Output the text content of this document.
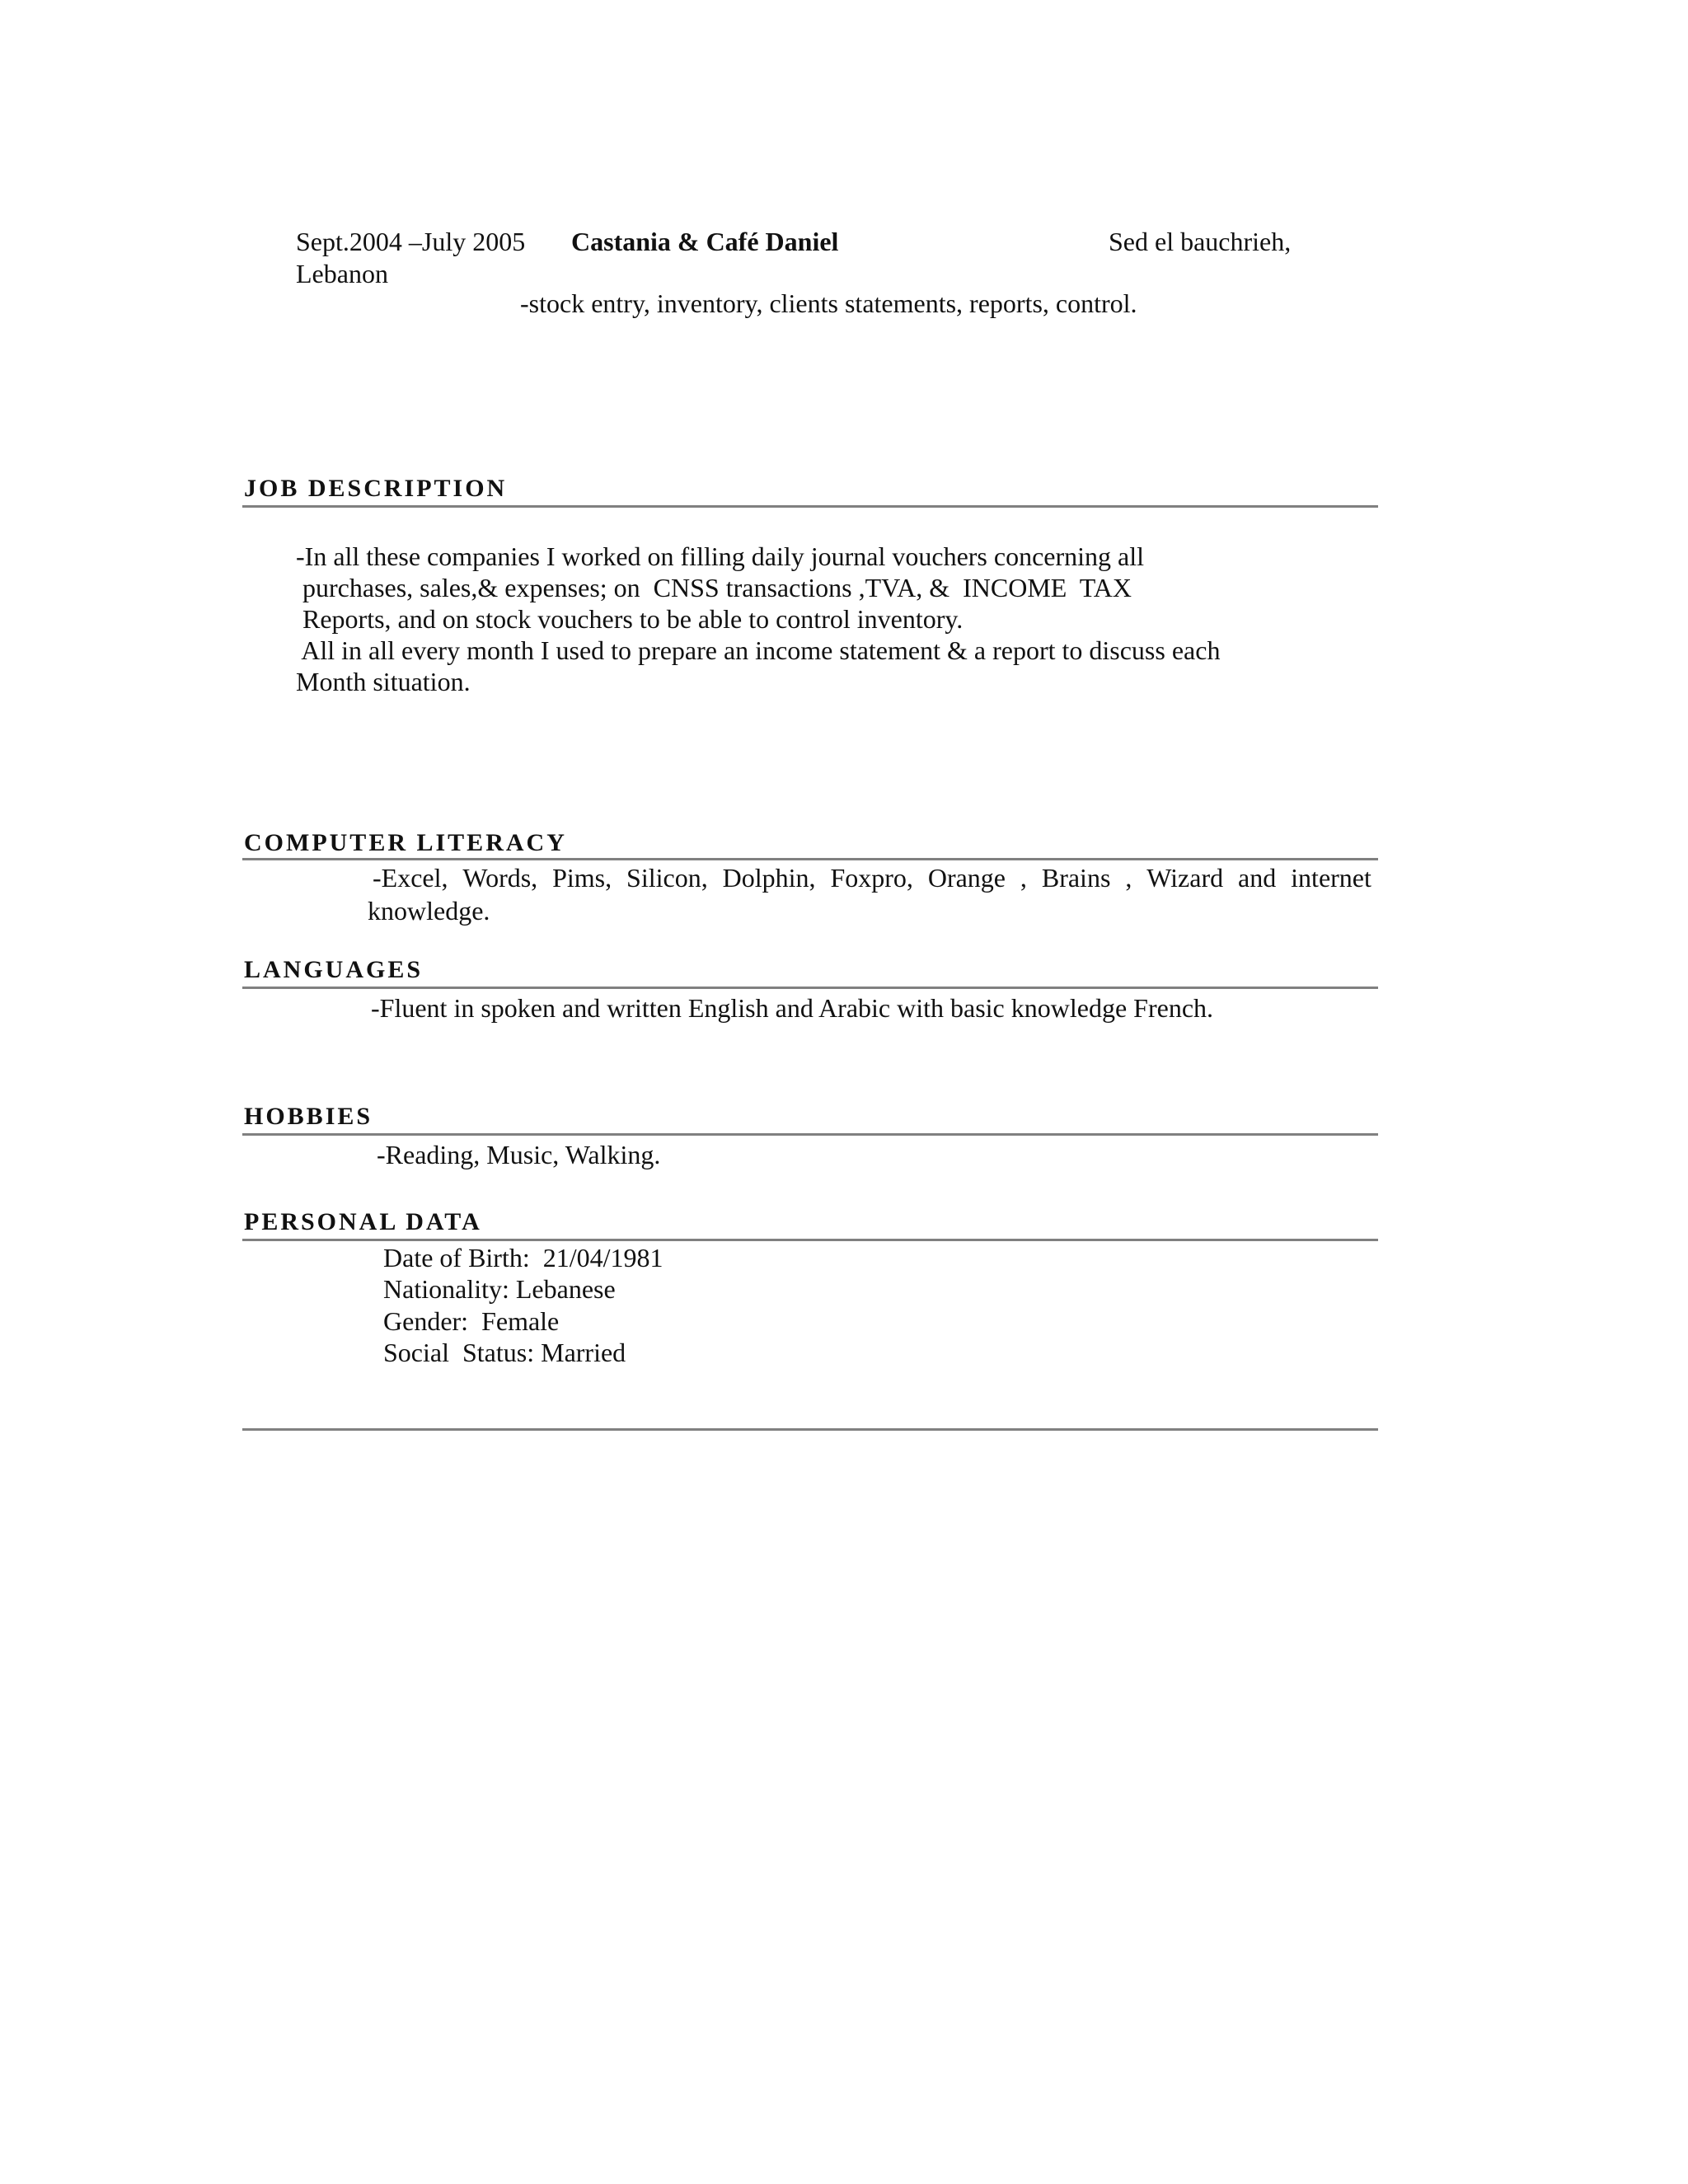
Sept.2004 –July 2005 Castania & Café Daniel	Sed el bauchrieh,
Lebanon
-stock entry, inventory, clients statements, reports, control.
JOB DESCRIPTION
-In all these companies I worked on filling daily journal vouchers concerning all
purchases, sales,& expenses; on  CNSS transactions ,TVA, &  INCOME  TAX
Reports, and on stock vouchers to be able to control inventory.
All in all every month I used to prepare an income statement & a report to discuss each
Month situation.
COMPUTER LITERACY
-Excel, Words, Pims, Silicon, Dolphin, Foxpro, Orange , Brains , Wizard and internet
knowledge.
LANGUAGES
-Fluent in spoken and written English and Arabic with basic knowledge French.
HOBBIES
-Reading, Music, Walking.
PERSONAL DATA
Date of Birth:  21/04/1981
Nationality: Lebanese
Gender:  Female
Social  Status: Married
